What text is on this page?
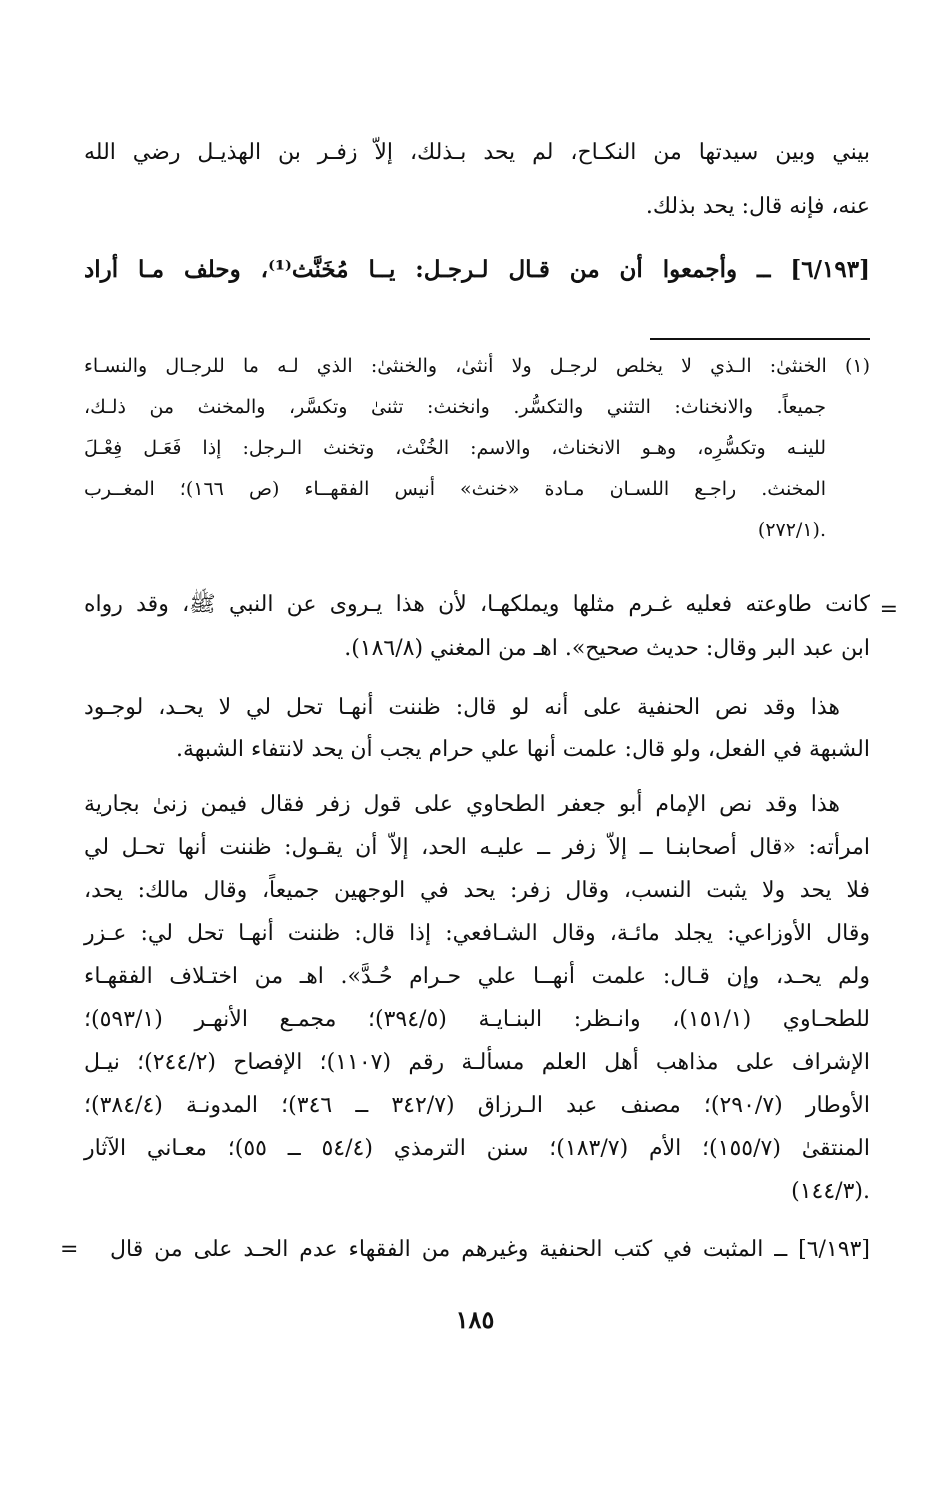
بيني وبين سيدتها من النكـاح، لم يحد بـذلك، إلاّ زفـر بن الهذيـل رضي الله
عنه، فإنه قال: يحد بذلك.
[٦/١٩٣] ــ وأجمعوا أن من قـال لـرجـل: يــا مُخَنَّث⁽¹⁾، وحلف مـا أراد
(١) الخنثىٰ: الـذي لا يخلص لرجـل ولا أنثىٰ، والخنثىٰ: الذي لـه ما للرجـال والنسـاء
جميعاً. والانخناث: التثني والتكسُّر. وانخنث: تثنىٰ وتكسَّر، والمخنث من ذلـك،
للينـه وتكسُّرِه، وهـو الانخناث، والاسم: الخُنْث، وتخنث الـرجل: إذا فَعَـل فِعْـلَ
المخنث. راجـع اللسـان مـادة «خنث» أنيس الفقهــاء (ص ١٦٦)؛ المغــرب
.(٢٧٢/١)
=
كانت طاوعته فعليه غـرم مثلها ويملكهـا، لأن هذا يـروى عن النبي ﷺ، وقد رواه
ابن عبد البر وقال: حديث صحيح». اهـ من المغني (١٨٦/٨).
هذا وقد نص الحنفية على أنه لو قال: ظننت أنهـا تحل لي لا يحـد، لوجـود
الشبهة في الفعل، ولو قال: علمت أنها علي حرام يجب أن يحد لانتفاء الشبهة.
هذا وقد نص الإمام أبو جعفر الطحاوي على قول زفر فقال فيمن زنىٰ بجارية
امرأته: «قال أصحابنـا ــ إلاّ زفر ــ عليـه الحد، إلاّ أن يقـول: ظننت أنها تحـل لي
فلا يحد ولا يثبت النسب، وقال زفر: يحد في الوجهين جميعاً، وقال مالك: يحد،
وقال الأوزاعي: يجلد مائـة، وقال الشـافعي: إذا قال: ظننت أنهـا تحل لي: عـزر
ولم يحـد، وإن قـال: علمت أنهــا علي حـرام حُـدَّ». اهـ من اختـلاف الفقهـاء
للطحـاوي (١٥١/١)، وانـظر: البنـايـة (٣٩٤/٥)؛ مجمـع الأنهـر (٥٩٣/١)؛
الإشراف على مذاهب أهل العلم مسألـة رقم (١١٠٧)؛ الإفصاح (٢٤٤/٢)؛ نيـل
الأوطار (٢٩٠/٧)؛ مصنف عبد الـرزاق (٣٤٢/٧ ــ ٣٤٦)؛ المدونـة (٣٨٤/٤)؛
المنتقىٰ (١٥٥/٧)؛ الأم (١٨٣/٧)؛ سنن الترمذي (٥٤/٤ ــ ٥٥)؛ معـاني الآثار
.(١٤٤/٣)
[٦/١٩٣] ــ المثبت في كتب الحنفية وغيرهم من الفقهاء عدم الحـد على من قال
=
١٨٥
